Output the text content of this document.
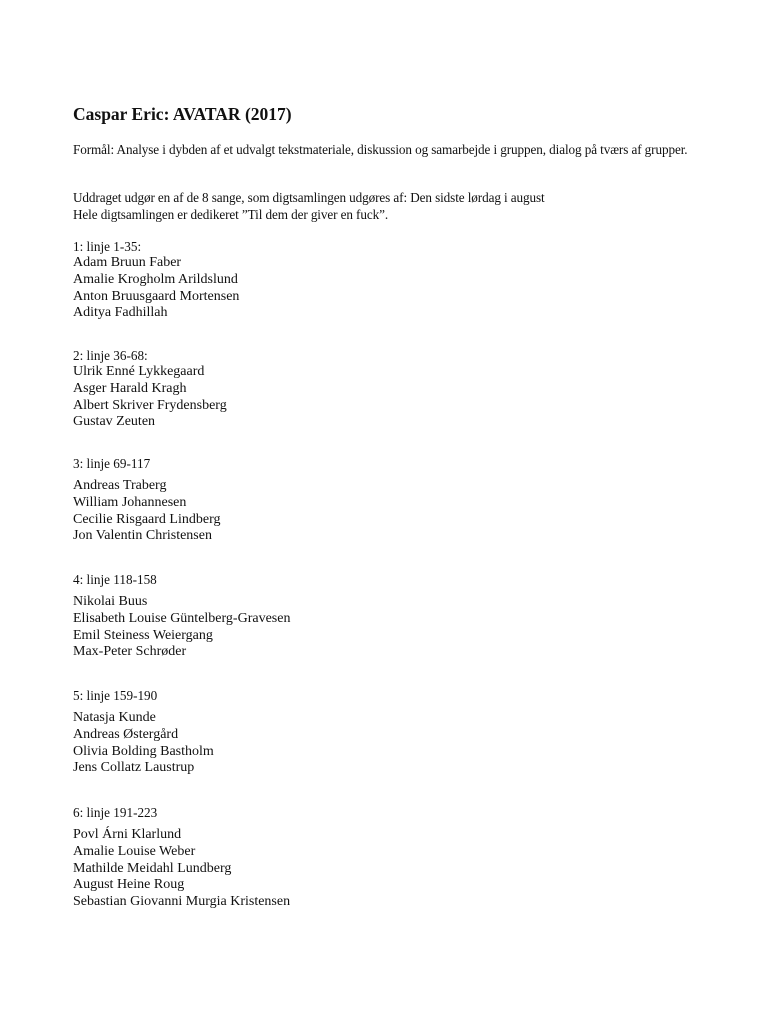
Caspar Eric: AVATAR (2017)

Formål: Analyse i dybden af et udvalgt tekstmateriale, diskussion og samarbejde i gruppen, dialog på tværs af grupper.

Uddraget udgør en af de 8 sange, som digtsamlingen udgøres af: Den sidste lørdag i august
Hele digtsamlingen er dedikeret ”Til dem der giver en fuck”.

1: linje 1-35:

Adam Bruun Faber
Amalie Krogholm Arildslund
Anton Bruusgaard Mortensen
Aditya Fadhillah

2: linje 36-68:

Ulrik Enné Lykkegaard
Asger Harald Kragh
Albert Skriver Frydensberg
Gustav Zeuten

3: linje 69-117

Andreas Traberg
William Johannesen
Cecilie Risgaard Lindberg
Jon Valentin Christensen

4: linje 118-158

Nikolai Buus
Elisabeth Louise Güntelberg-Gravesen
Emil Steiness Weiergang
Max-Peter Schrøder

5: linje 159-190

Natasja Kunde
Andreas Østergård
Olivia Bolding Bastholm
Jens Collatz Laustrup

6: linje 191-223

Povl Árni Klarlund
Amalie Louise Weber
Mathilde Meidahl Lundberg
August Heine Roug
Sebastian Giovanni Murgia Kristensen
